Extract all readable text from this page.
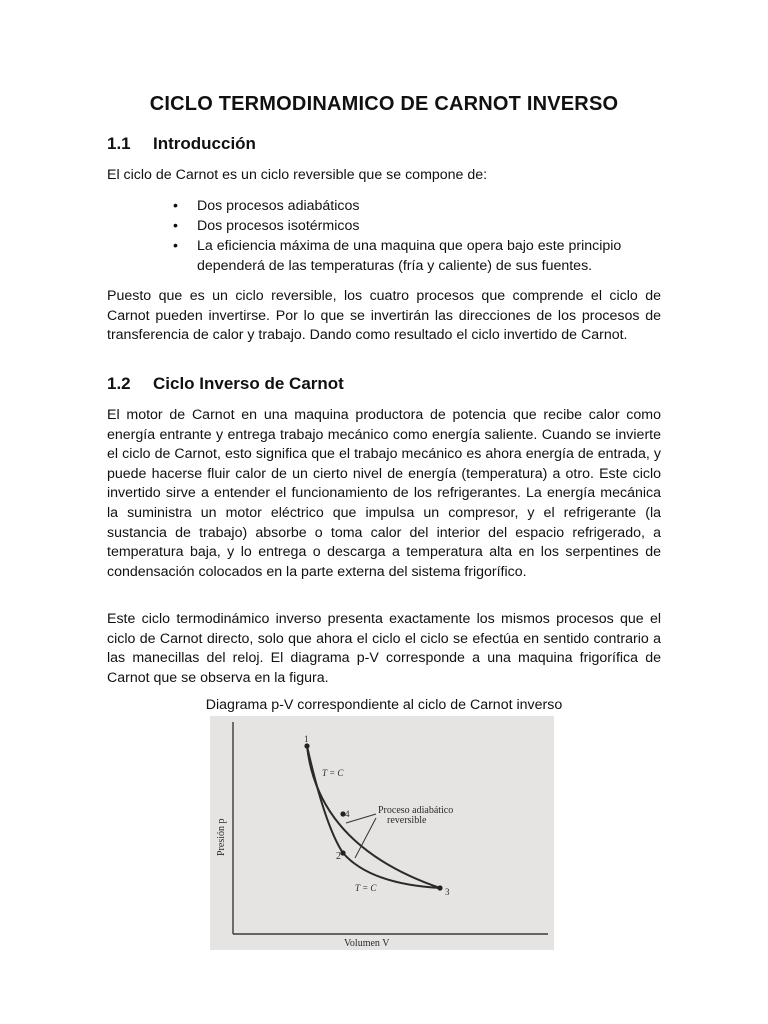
CICLO TERMODINAMICO DE CARNOT INVERSO
1.1 Introducción

El ciclo de Carnot es un ciclo reversible que se compone de:

• Dos procesos adiabáticos
• Dos procesos isotérmicos
• La eficiencia máxima de una maquina que opera bajo este principio dependerá de las temperaturas (fría y caliente) de sus fuentes.

Puesto que es un ciclo reversible, los cuatro procesos que comprende el ciclo de Carnot pueden invertirse. Por lo que se invertirán las direcciones de los procesos de transferencia de calor y trabajo. Dando como resultado el ciclo invertido de Carnot.

1.2 Ciclo Inverso de Carnot

El motor de Carnot en una maquina productora de potencia que recibe calor como energía entrante y entrega trabajo mecánico como energía saliente. Cuando se invierte el ciclo de Carnot, esto significa que el trabajo mecánico es ahora energía de entrada, y puede hacerse fluir calor de un cierto nivel de energía (temperatura) a otro. Este ciclo invertido sirve a entender el funcionamiento de los refrigerantes. La energía mecánica la suministra un motor eléctrico que impulsa un compresor, y el refrigerante (la sustancia de trabajo) absorbe o toma calor del interior del espacio refrigerado, a temperatura baja, y lo entrega o descarga a temperatura alta en los serpentines de condensación colocados en la parte externa del sistema frigorífico.

Este ciclo termodinámico inverso presenta exactamente los mismos procesos que el ciclo de Carnot directo, solo que ahora el ciclo el ciclo se efectúa en sentido contrario a las manecillas del reloj. El diagrama p-V corresponde a una maquina frigorífica de Carnot que se observa en la figura.

Diagrama p-V correspondiente al ciclo de Carnot inverso
1
2
3
4
T = C
T = C
Proceso adiabático
reversible
Presión p
Volumen V
